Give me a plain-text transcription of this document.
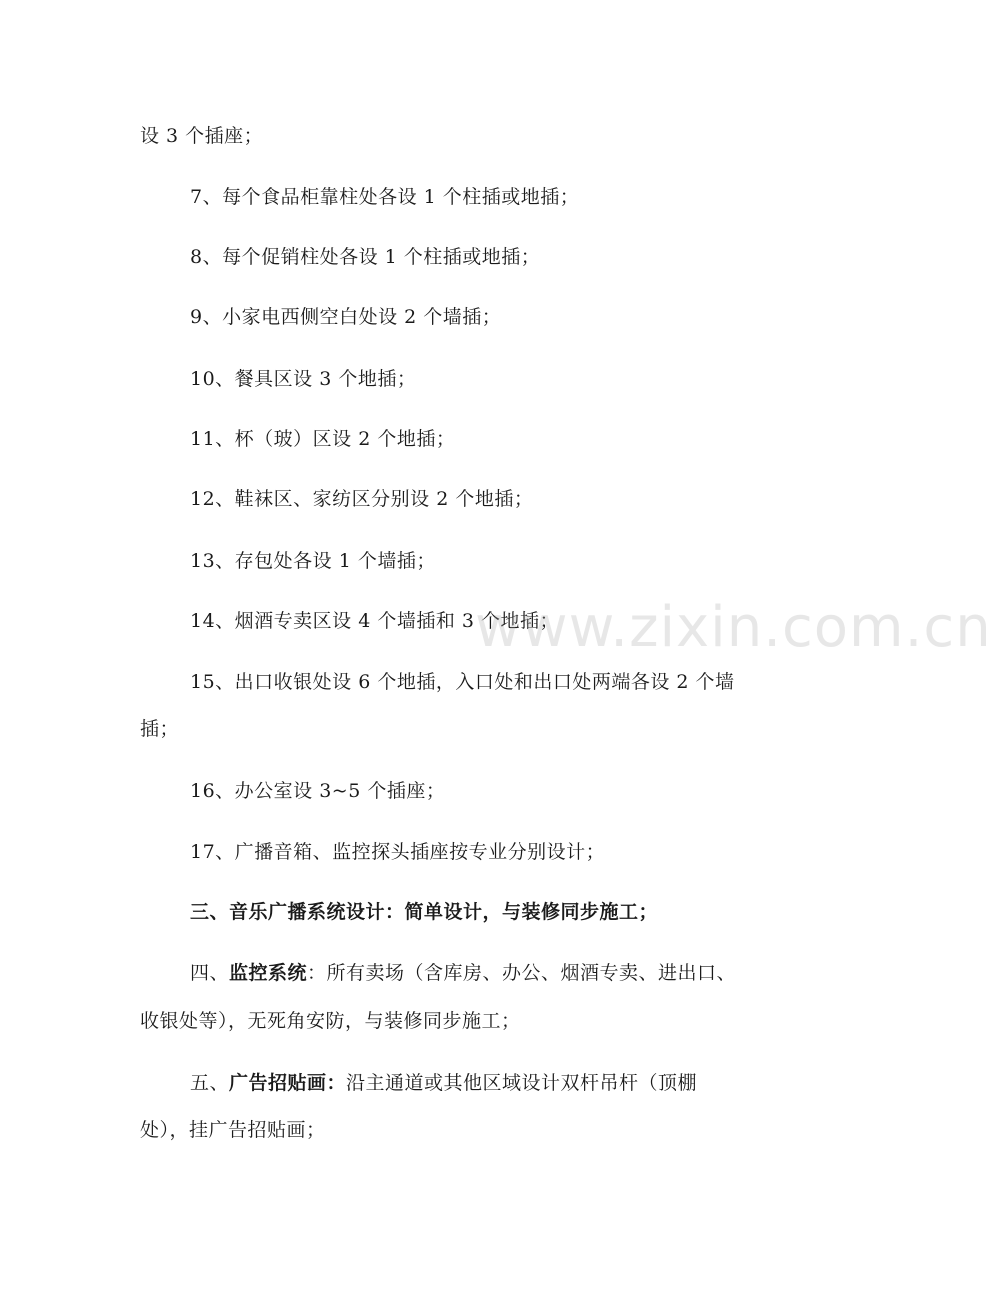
设 3 个插座；
7、每个食品柜靠柱处各设 1 个柱插或地插；
8、每个促销柱处各设 1 个柱插或地插；
9、小家电西侧空白处设 2 个墙插；
10、餐具区设 3 个地插；
11、杯（玻）区设 2 个地插；
12、鞋袜区、家纺区分别设 2 个地插；
13、存包处各设 1 个墙插；
14、烟酒专卖区设 4 个墙插和 3 个地插；
15、出口收银处设 6 个地插，入口处和出口处两端各设 2 个墙
插；
16、办公室设 3~5 个插座；
17、广播音箱、监控探头插座按专业分别设计；
三、音乐广播系统设计：简单设计，与装修同步施工；
四、监控系统：所有卖场（含库房、办公、烟酒专卖、进出口、
收银处等），无死角安防，与装修同步施工；
五、广告招贴画：沿主通道或其他区域设计双杆吊杆（顶棚
处），挂广告招贴画；
www.zixin.com.cn
